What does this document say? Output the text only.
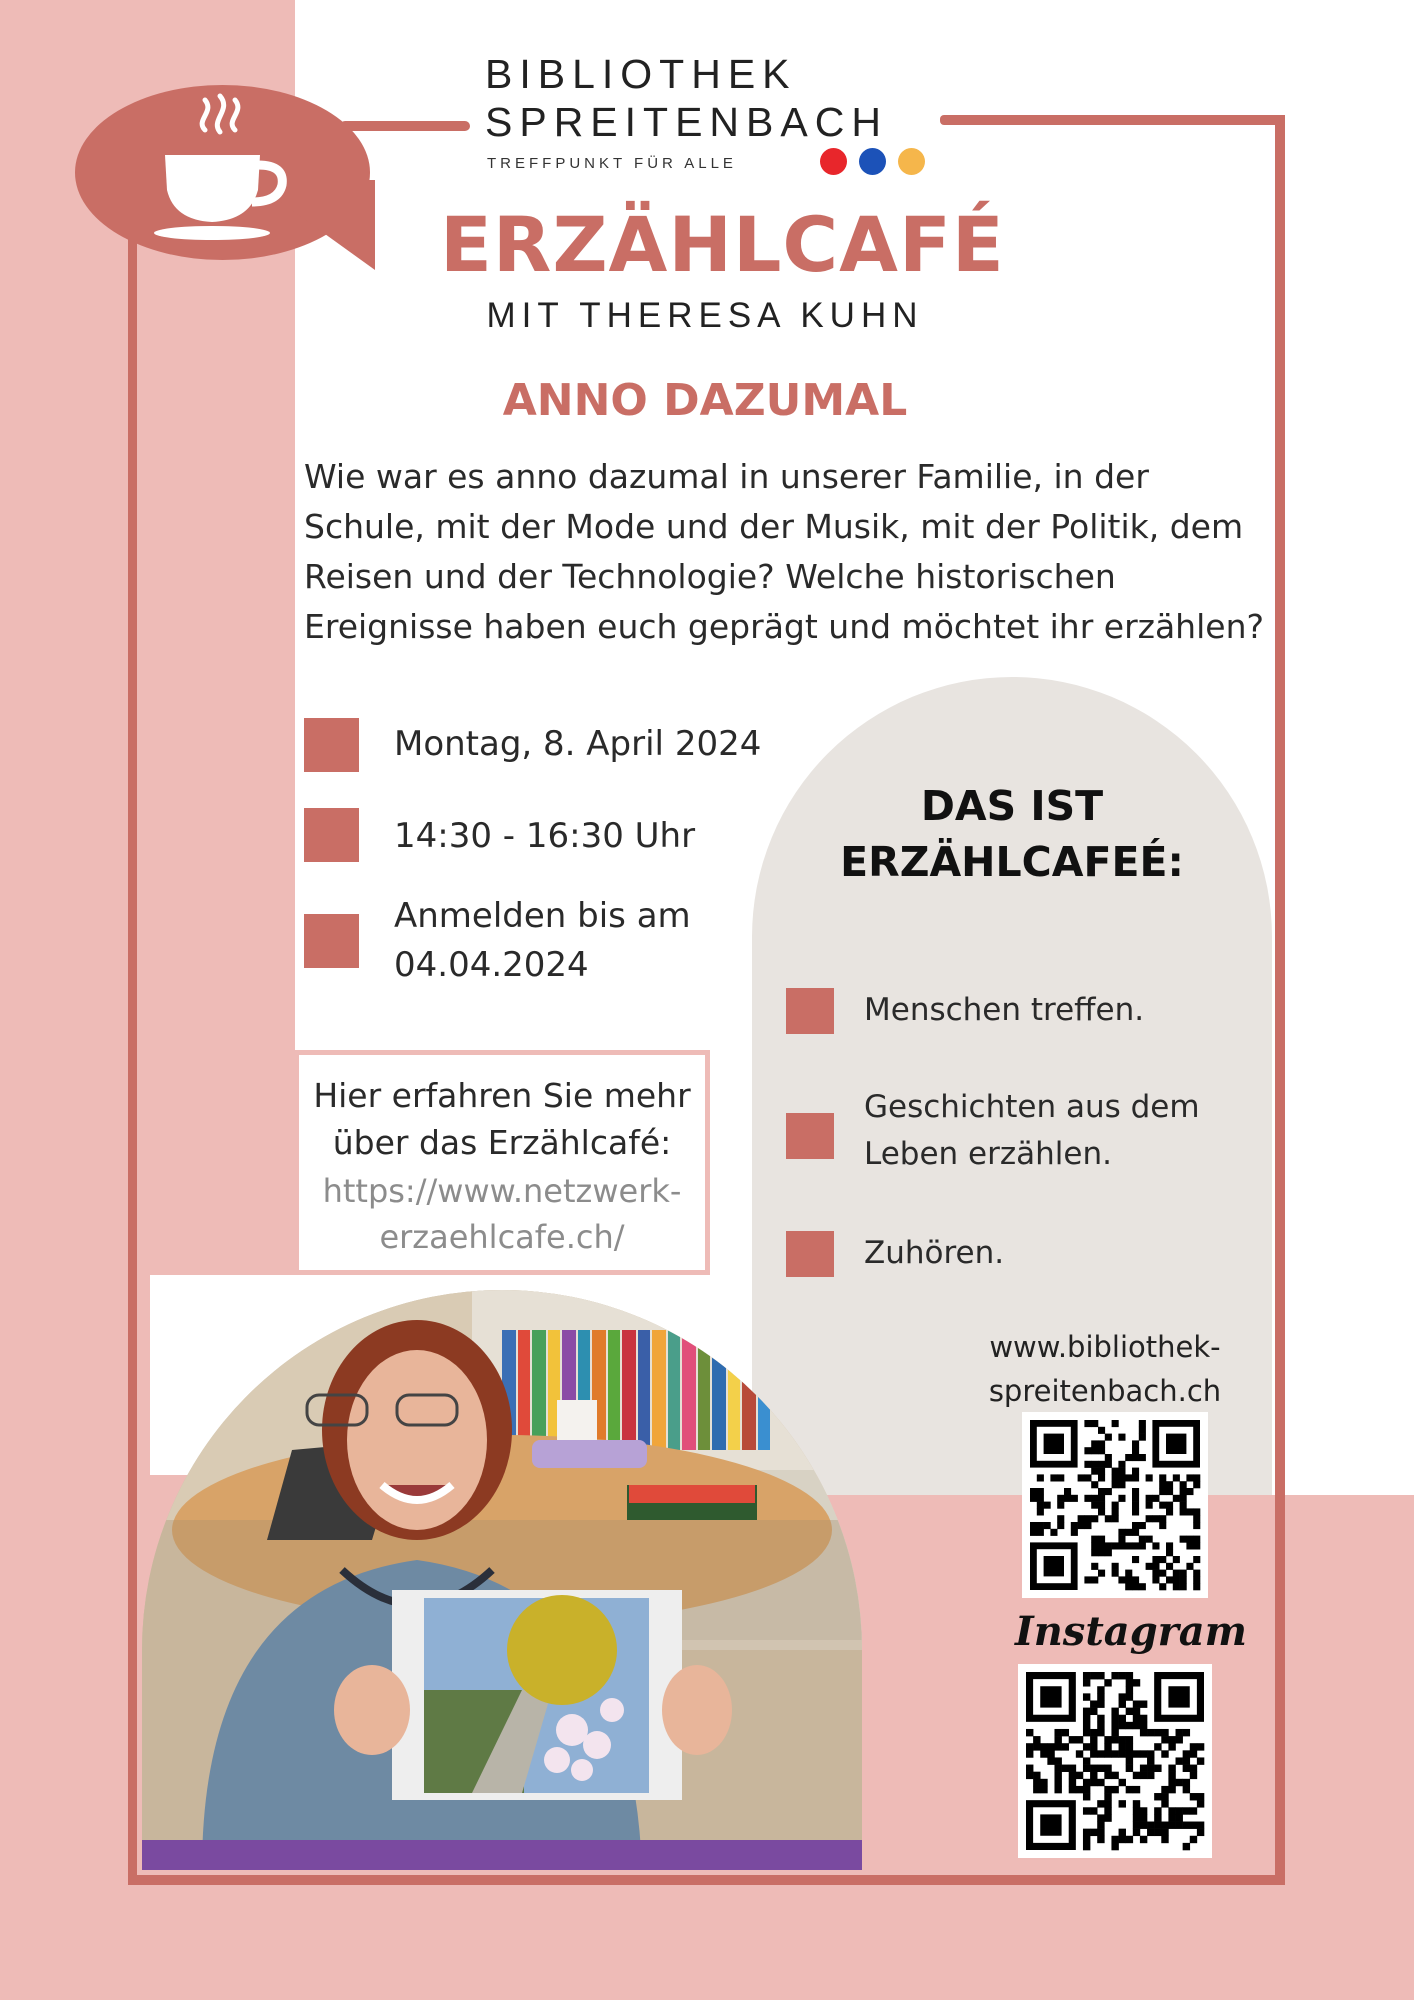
BIBLIOTHEK
SPREITENBACH
TREFFPUNKT FÜR ALLE
ERZÄHLCAFÉ
MIT THERESA KUHN
ANNO DAZUMAL
Wie war es anno dazumal in unserer Familie, in der Schule, mit der Mode und der Musik, mit der Politik, dem Reisen und der Technologie? Welche historischen Ereignisse haben euch geprägt und möchtet ihr erzählen?
Montag, 8. April 2024
14:30 - 16:30 Uhr
Anmelden bis am
04.04.2024
Hier erfahren Sie mehr über das Erzählcafé:
https://www.netzwerk-erzaehlcafe.ch/
DAS IST
ERZÄHLCAFEÉ:
Menschen treffen.
Geschichten aus dem Leben erzählen.
Zuhören.
www.bibliothek-spreitenbach.ch
Instagram
